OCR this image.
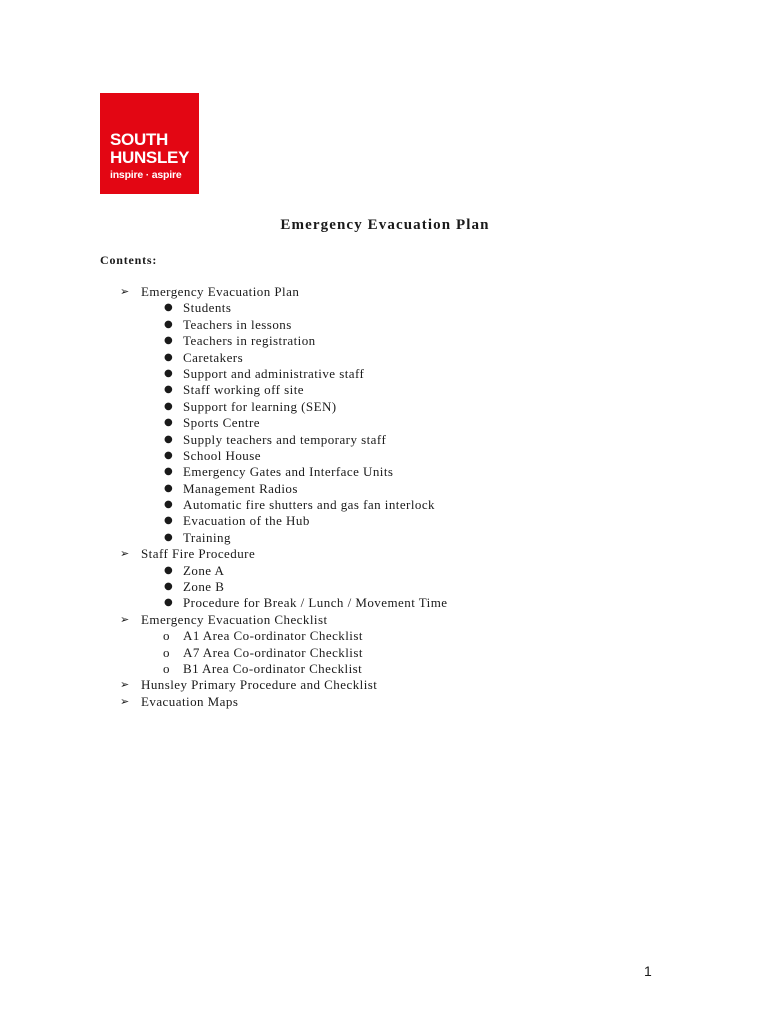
SOUTH
HUNSLEY
inspire · aspire
Emergency Evacuation Plan
Contents:
➢ Emergency Evacuation Plan
● Students
● Teachers in lessons
● Teachers in registration
● Caretakers
● Support and administrative staff
● Staff working off site
● Support for learning (SEN)
● Sports Centre
● Supply teachers and temporary staff
● School House
● Emergency Gates and Interface Units
● Management Radios
● Automatic fire shutters and gas fan interlock
● Evacuation of the Hub
● Training
➢ Staff Fire Procedure
● Zone A
● Zone B
● Procedure for Break / Lunch / Movement Time
➢ Emergency Evacuation Checklist
o A1 Area Co-ordinator Checklist
o A7 Area Co-ordinator Checklist
o B1 Area Co-ordinator Checklist
➢ Hunsley Primary Procedure and Checklist
➢ Evacuation Maps
1
